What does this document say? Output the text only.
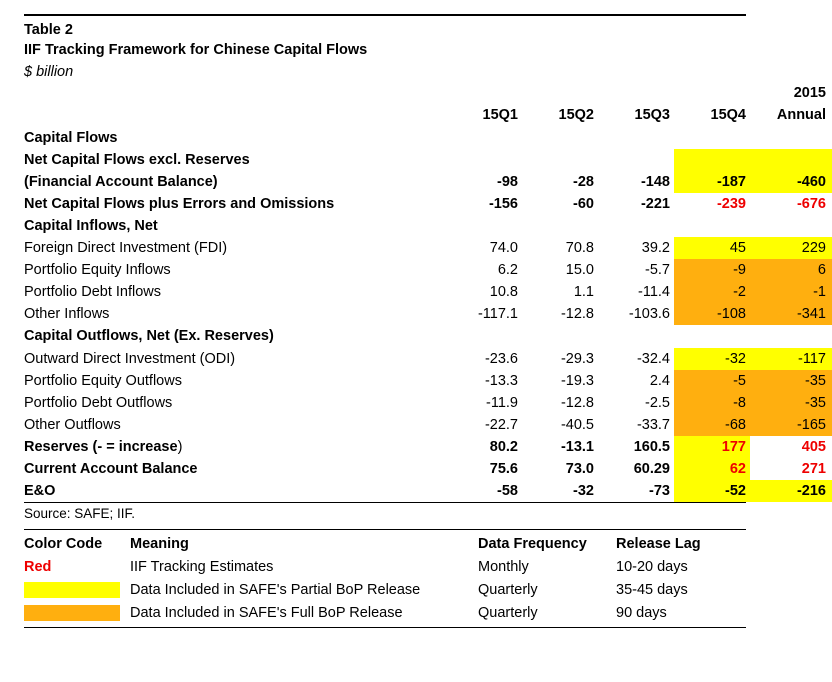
Table 2
IIF Tracking Framework for Chinese Capital Flows
$ billion
					2015
	15Q1	15Q2	15Q3	15Q4	Annual
Capital Flows					
Net Capital Flows excl. Reserves					
(Financial Account Balance)	-98	-28	-148	-187	-460
Net Capital Flows plus Errors and Omissions	-156	-60	-221	-239	-676
Capital Inflows, Net					
Foreign Direct Investment (FDI)	74.0	70.8	39.2	45	229
Portfolio Equity Inflows	6.2	15.0	-5.7	-9	6
Portfolio Debt Inflows	10.8	1.1	-11.4	-2	-1
Other Inflows	-117.1	-12.8	-103.6	-108	-341
Capital Outflows, Net (Ex. Reserves)					
Outward Direct Investment (ODI)	-23.6	-29.3	-32.4	-32	-117
Portfolio Equity Outflows	-13.3	-19.3	2.4	-5	-35
Portfolio Debt Outflows	-11.9	-12.8	-2.5	-8	-35
Other Outflows	-22.7	-40.5	-33.7	-68	-165
Reserves (- = increase)	80.2	-13.1	160.5	177	405
Current Account Balance	75.6	73.0	60.29	62	271
E&O	-58	-32	-73	-52	-216
Source: SAFE; IIF.
Color Code	Meaning	Data Frequency	Release Lag
Red	IIF Tracking Estimates	Monthly	10-20 days
	Data Included in SAFE's Partial BoP Release	Quarterly	35-45 days
	Data Included in SAFE's Full BoP Release	Quarterly	90 days
